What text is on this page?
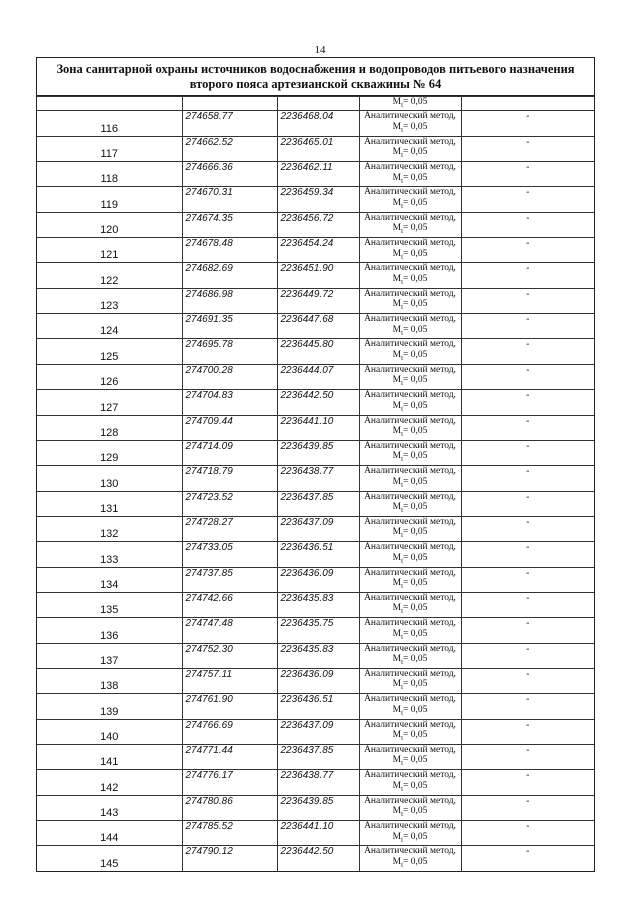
14
Зона санитарной охраны источников водоснабжения и водопроводов питьевого назначения второго пояса артезианской скважины № 64
			$M_t= 0,05$	
116	274658.77	2236468.04	Аналитический метод,
$M_t= 0,05$	-
117	274662.52	2236465.01	Аналитический метод,
$M_t= 0,05$	-
118	274666.36	2236462.11	Аналитический метод,
$M_t= 0,05$	-
119	274670.31	2236459.34	Аналитический метод,
$M_t= 0,05$	-
120	274674.35	2236456.72	Аналитический метод,
$M_t= 0,05$	-
121	274678.48	2236454.24	Аналитический метод,
$M_t= 0,05$	-
122	274682.69	2236451.90	Аналитический метод,
$M_t= 0,05$	-
123	274686.98	2236449.72	Аналитический метод,
$M_t= 0,05$	-
124	274691.35	2236447.68	Аналитический метод,
$M_t= 0,05$	-
125	274695.78	2236445.80	Аналитический метод,
$M_t= 0,05$	-
126	274700.28	2236444.07	Аналитический метод,
$M_t= 0,05$	-
127	274704.83	2236442.50	Аналитический метод,
$M_t= 0,05$	-
128	274709.44	2236441.10	Аналитический метод,
$M_t= 0,05$	-
129	274714.09	2236439.85	Аналитический метод,
$M_t= 0,05$	-
130	274718.79	2236438.77	Аналитический метод,
$M_t= 0,05$	-
131	274723.52	2236437.85	Аналитический метод,
$M_t= 0,05$	-
132	274728.27	2236437.09	Аналитический метод,
$M_t= 0,05$	-
133	274733.05	2236436.51	Аналитический метод,
$M_t= 0,05$	-
134	274737.85	2236436.09	Аналитический метод,
$M_t= 0,05$	-
135	274742.66	2236435.83	Аналитический метод,
$M_t= 0,05$	-
136	274747.48	2236435.75	Аналитический метод,
$M_t= 0,05$	-
137	274752.30	2236435.83	Аналитический метод,
$M_t= 0,05$	-
138	274757.11	2236436.09	Аналитический метод,
$M_t= 0,05$	-
139	274761.90	2236436.51	Аналитический метод,
$M_t= 0,05$	-
140	274766.69	2236437.09	Аналитический метод,
$M_t= 0,05$	-
141	274771.44	2236437.85	Аналитический метод,
$M_t= 0,05$	-
142	274776.17	2236438.77	Аналитический метод,
$M_t= 0,05$	-
143	274780.86	2236439.85	Аналитический метод,
$M_t= 0,05$	-
144	274785.52	2236441.10	Аналитический метод,
$M_t= 0,05$	-
145	274790.12	2236442.50	Аналитический метод,
$M_t= 0,05$	-
